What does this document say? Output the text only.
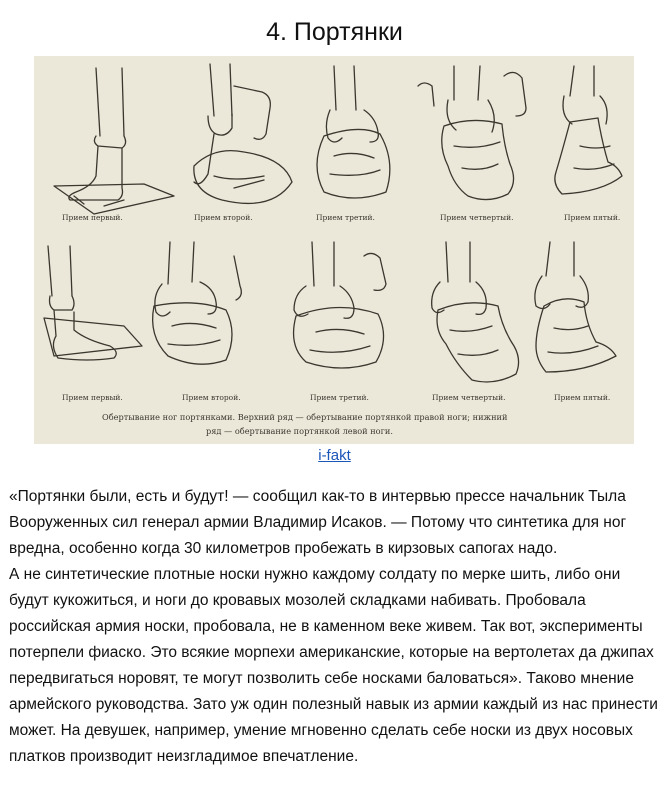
4. Портянки
Прием первый.	Прием второй.	Прием третий.	Прием четвертый.	Прием пятый.
Прием первый.	Прием второй.	Прием третий.	Прием четвертый.	Прием пятый.
Обертывание ног портянками. Верхний ряд — обертывание портянкой правой ноги; нижний
ряд — обертывание портянкой левой ноги.
i-fakt

«Портянки были, есть и будут! — сообщил как-то в интервью прессе начальник Тыла Вооруженных сил генерал армии Владимир Исаков. — Потому что синтетика для ног вредна, особенно когда 30 километров пробежать в кирзовых сапогах надо.

А не синтетические плотные носки нужно каждому солдату по мерке шить, либо они будут кукожиться, и ноги до кровавых мозолей складками набивать. Пробовала российская армия носки, пробовала, не в каменном веке живем. Так вот, эксперименты потерпели фиаско. Это всякие морпехи американские, которые на вертолетах да джипах передвигаться норовят, те могут позволить себе носками баловаться». Таково мнение армейского руководства. Зато уж один полезный навык из армии каждый из нас принести может. На девушек, например, умение мгновенно сделать себе носки из двух носовых платков производит неизгладимое впечатление.
